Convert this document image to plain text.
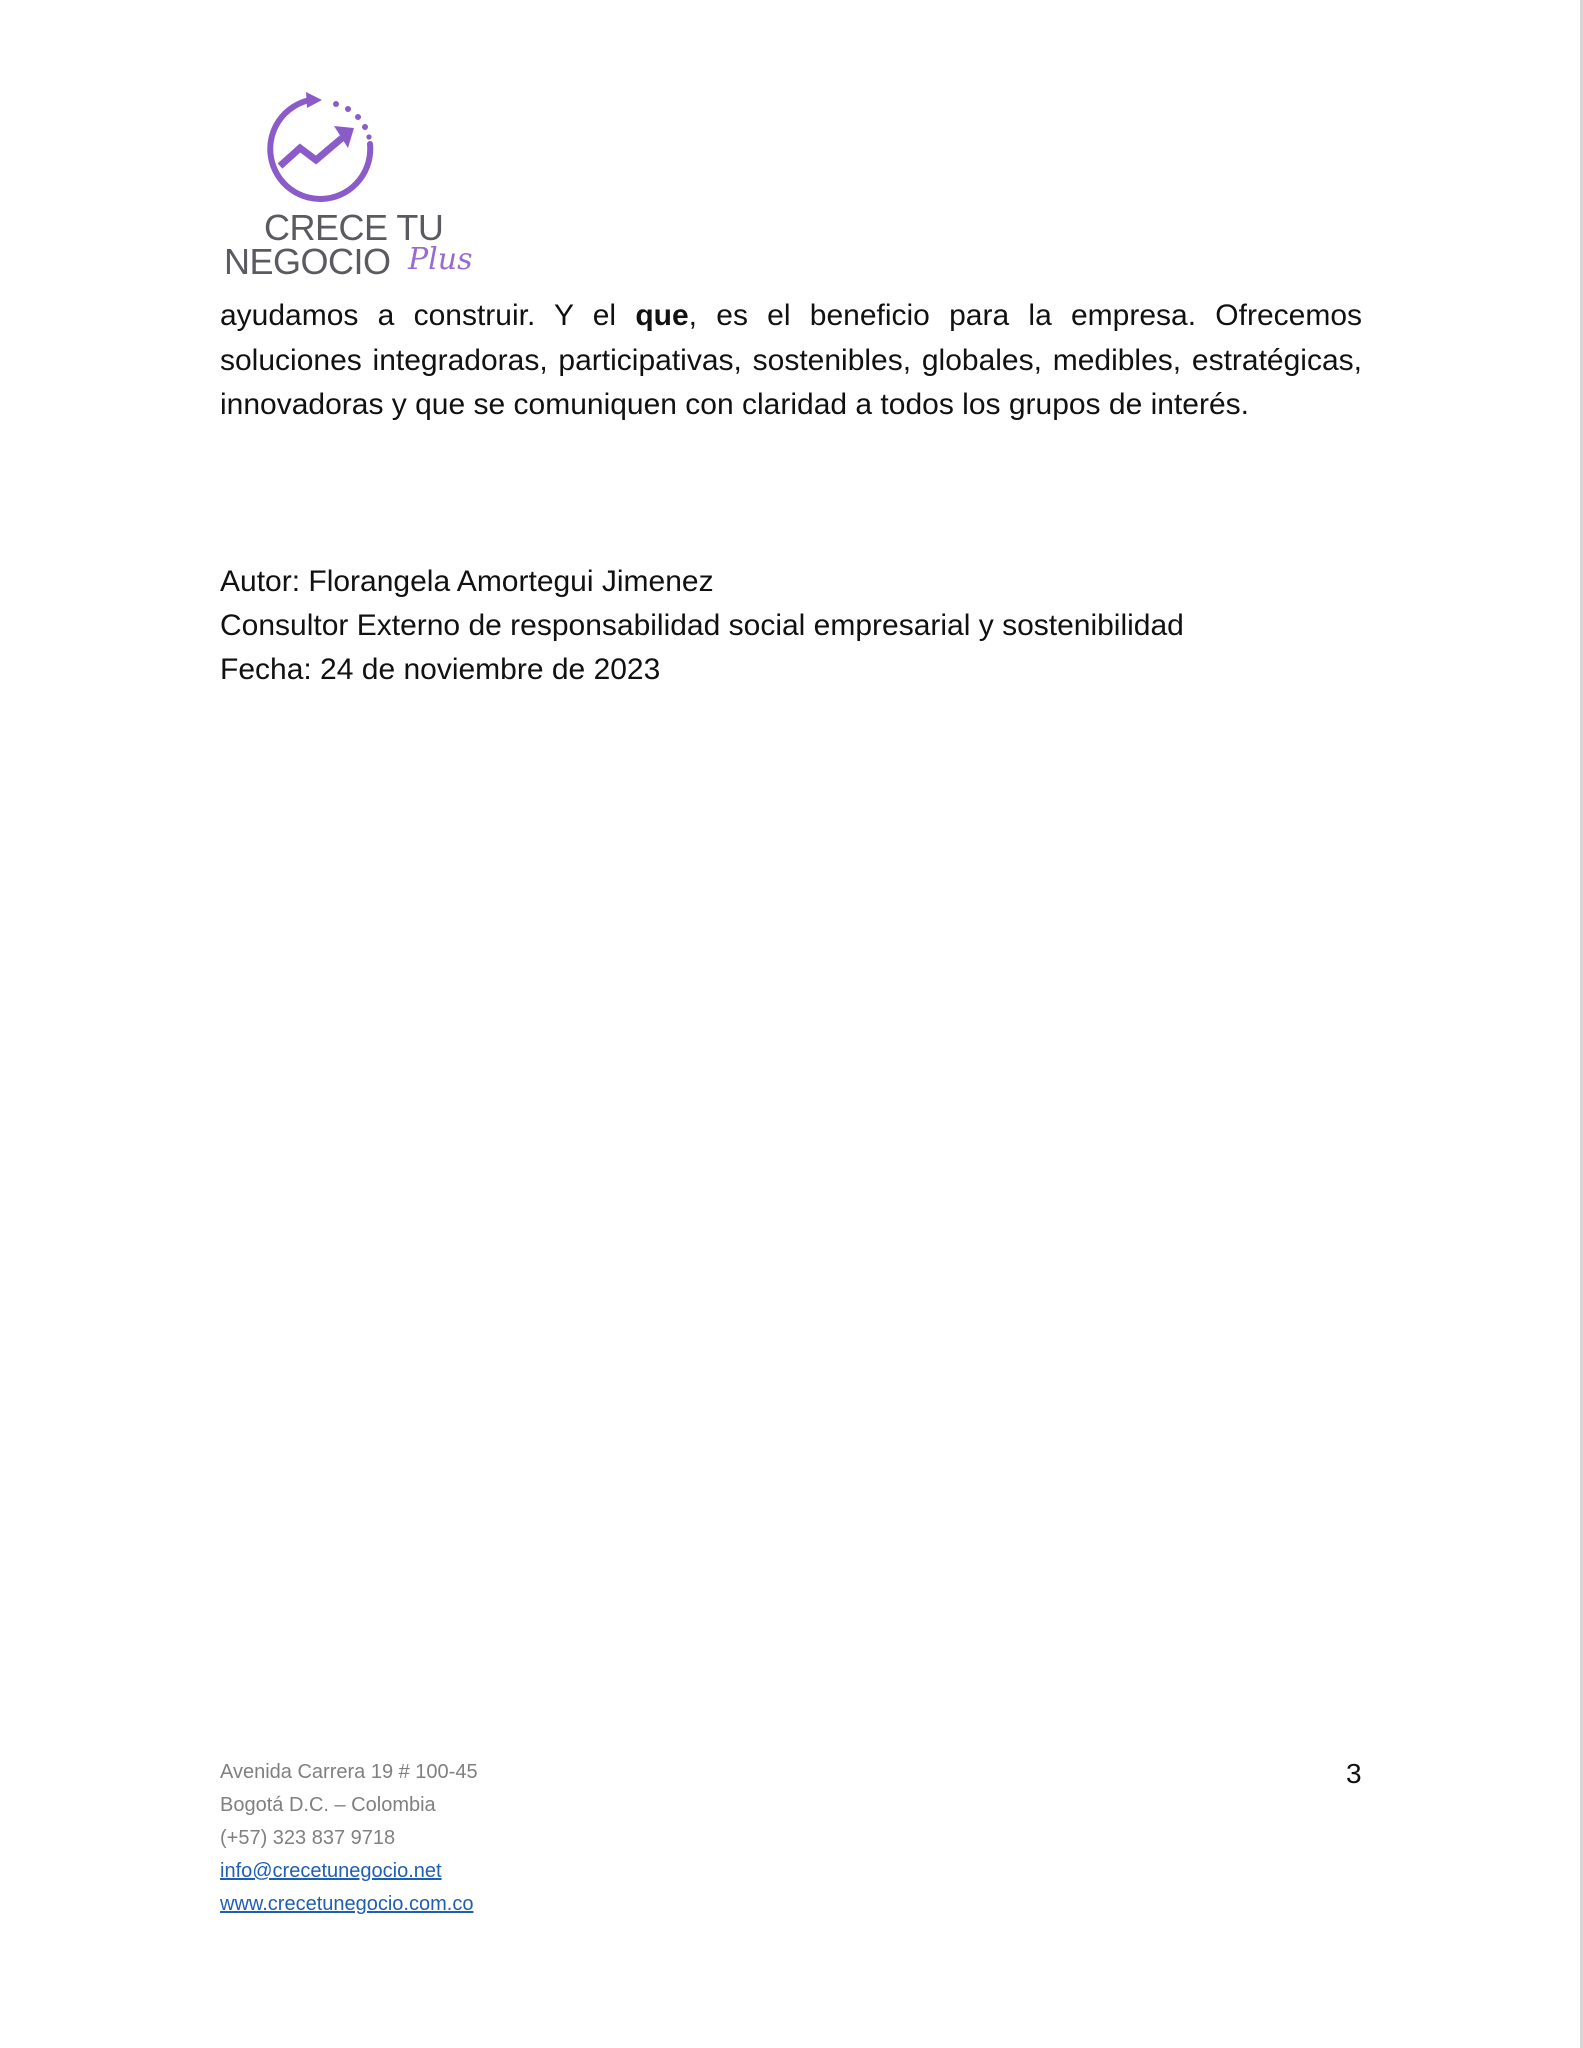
CRECE TU
NEGOCIO Plus
ayudamos a construir. Y el que, es el beneficio para la empresa. Ofrecemos soluciones integradoras, participativas, sostenibles, globales, medibles, estratégicas, innovadoras y que se comuniquen con claridad a todos los grupos de interés.
Autor: Florangela Amortegui Jimenez
Consultor Externo de responsabilidad social empresarial y sostenibilidad
Fecha: 24 de noviembre de 2023
Avenida Carrera 19 # 100-45
Bogotá D.C. – Colombia
(+57) 323 837 9718
info@crecetunegocio.net
www.crecetunegocio.com.co
3
